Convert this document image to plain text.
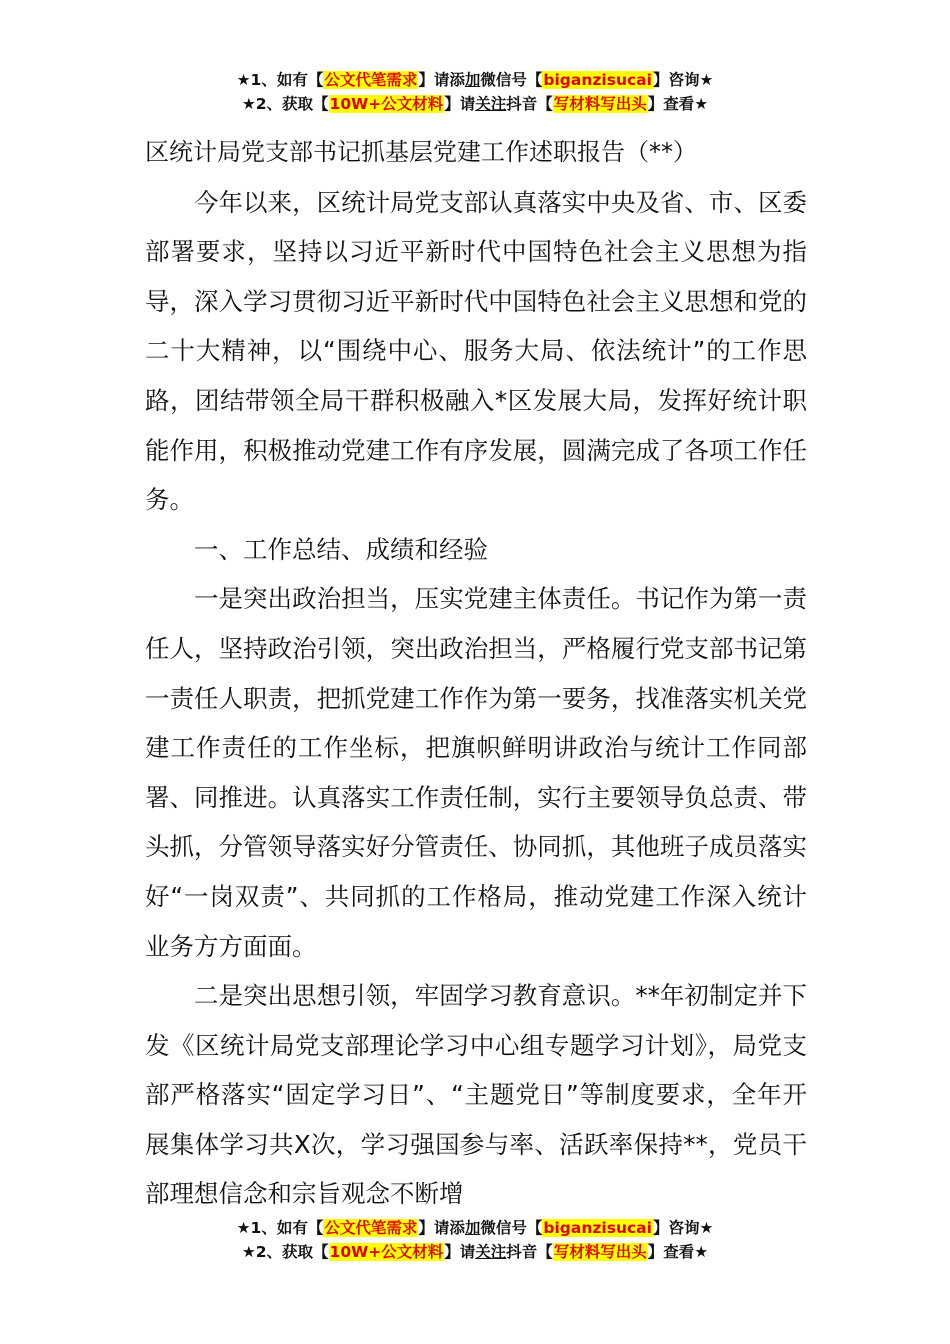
★1、如有【公文代笔需求】请添加微信号【biganzisucai】咨询★
★2、获取【10W+公文材料】请关注抖音【写材料写出头】查看★

区统计局党支部书记抓基层党建工作述职报告（**）

今年以来，区统计局党支部认真落实中央及省、市、区委部署要求，坚持以习近平新时代中国特色社会主义思想为指导，深入学习贯彻习近平新时代中国特色社会主义思想和党的二十大精神，以“围绕中心、服务大局、依法统计”的工作思路，团结带领全局干群积极融入*区发展大局，发挥好统计职能作用，积极推动党建工作有序发展，圆满完成了各项工作任务。

一、工作总结、成绩和经验

一是突出政治担当，压实党建主体责任。书记作为第一责任人，坚持政治引领，突出政治担当，严格履行党支部书记第一责任人职责，把抓党建工作作为第一要务，找准落实机关党建工作责任的工作坐标，把旗帜鲜明讲政治与统计工作同部署、同推进。认真落实工作责任制，实行主要领导负总责、带头抓，分管领导落实好分管责任、协同抓，其他班子成员落实好“一岗双责”、共同抓的工作格局，推动党建工作深入统计业务方方面面。

二是突出思想引领，牢固学习教育意识。**年初制定并下发《区统计局党支部理论学习中心组专题学习计划》，局党支部严格落实“固定学习日”、“主题党日”等制度要求，全年开展集体学习共X次，学习强国参与率、活跃率保持**，党员干部理想信念和宗旨观念不断增

★1、如有【公文代笔需求】请添加微信号【biganzisucai】咨询★
★2、获取【10W+公文材料】请关注抖音【写材料写出头】查看★
